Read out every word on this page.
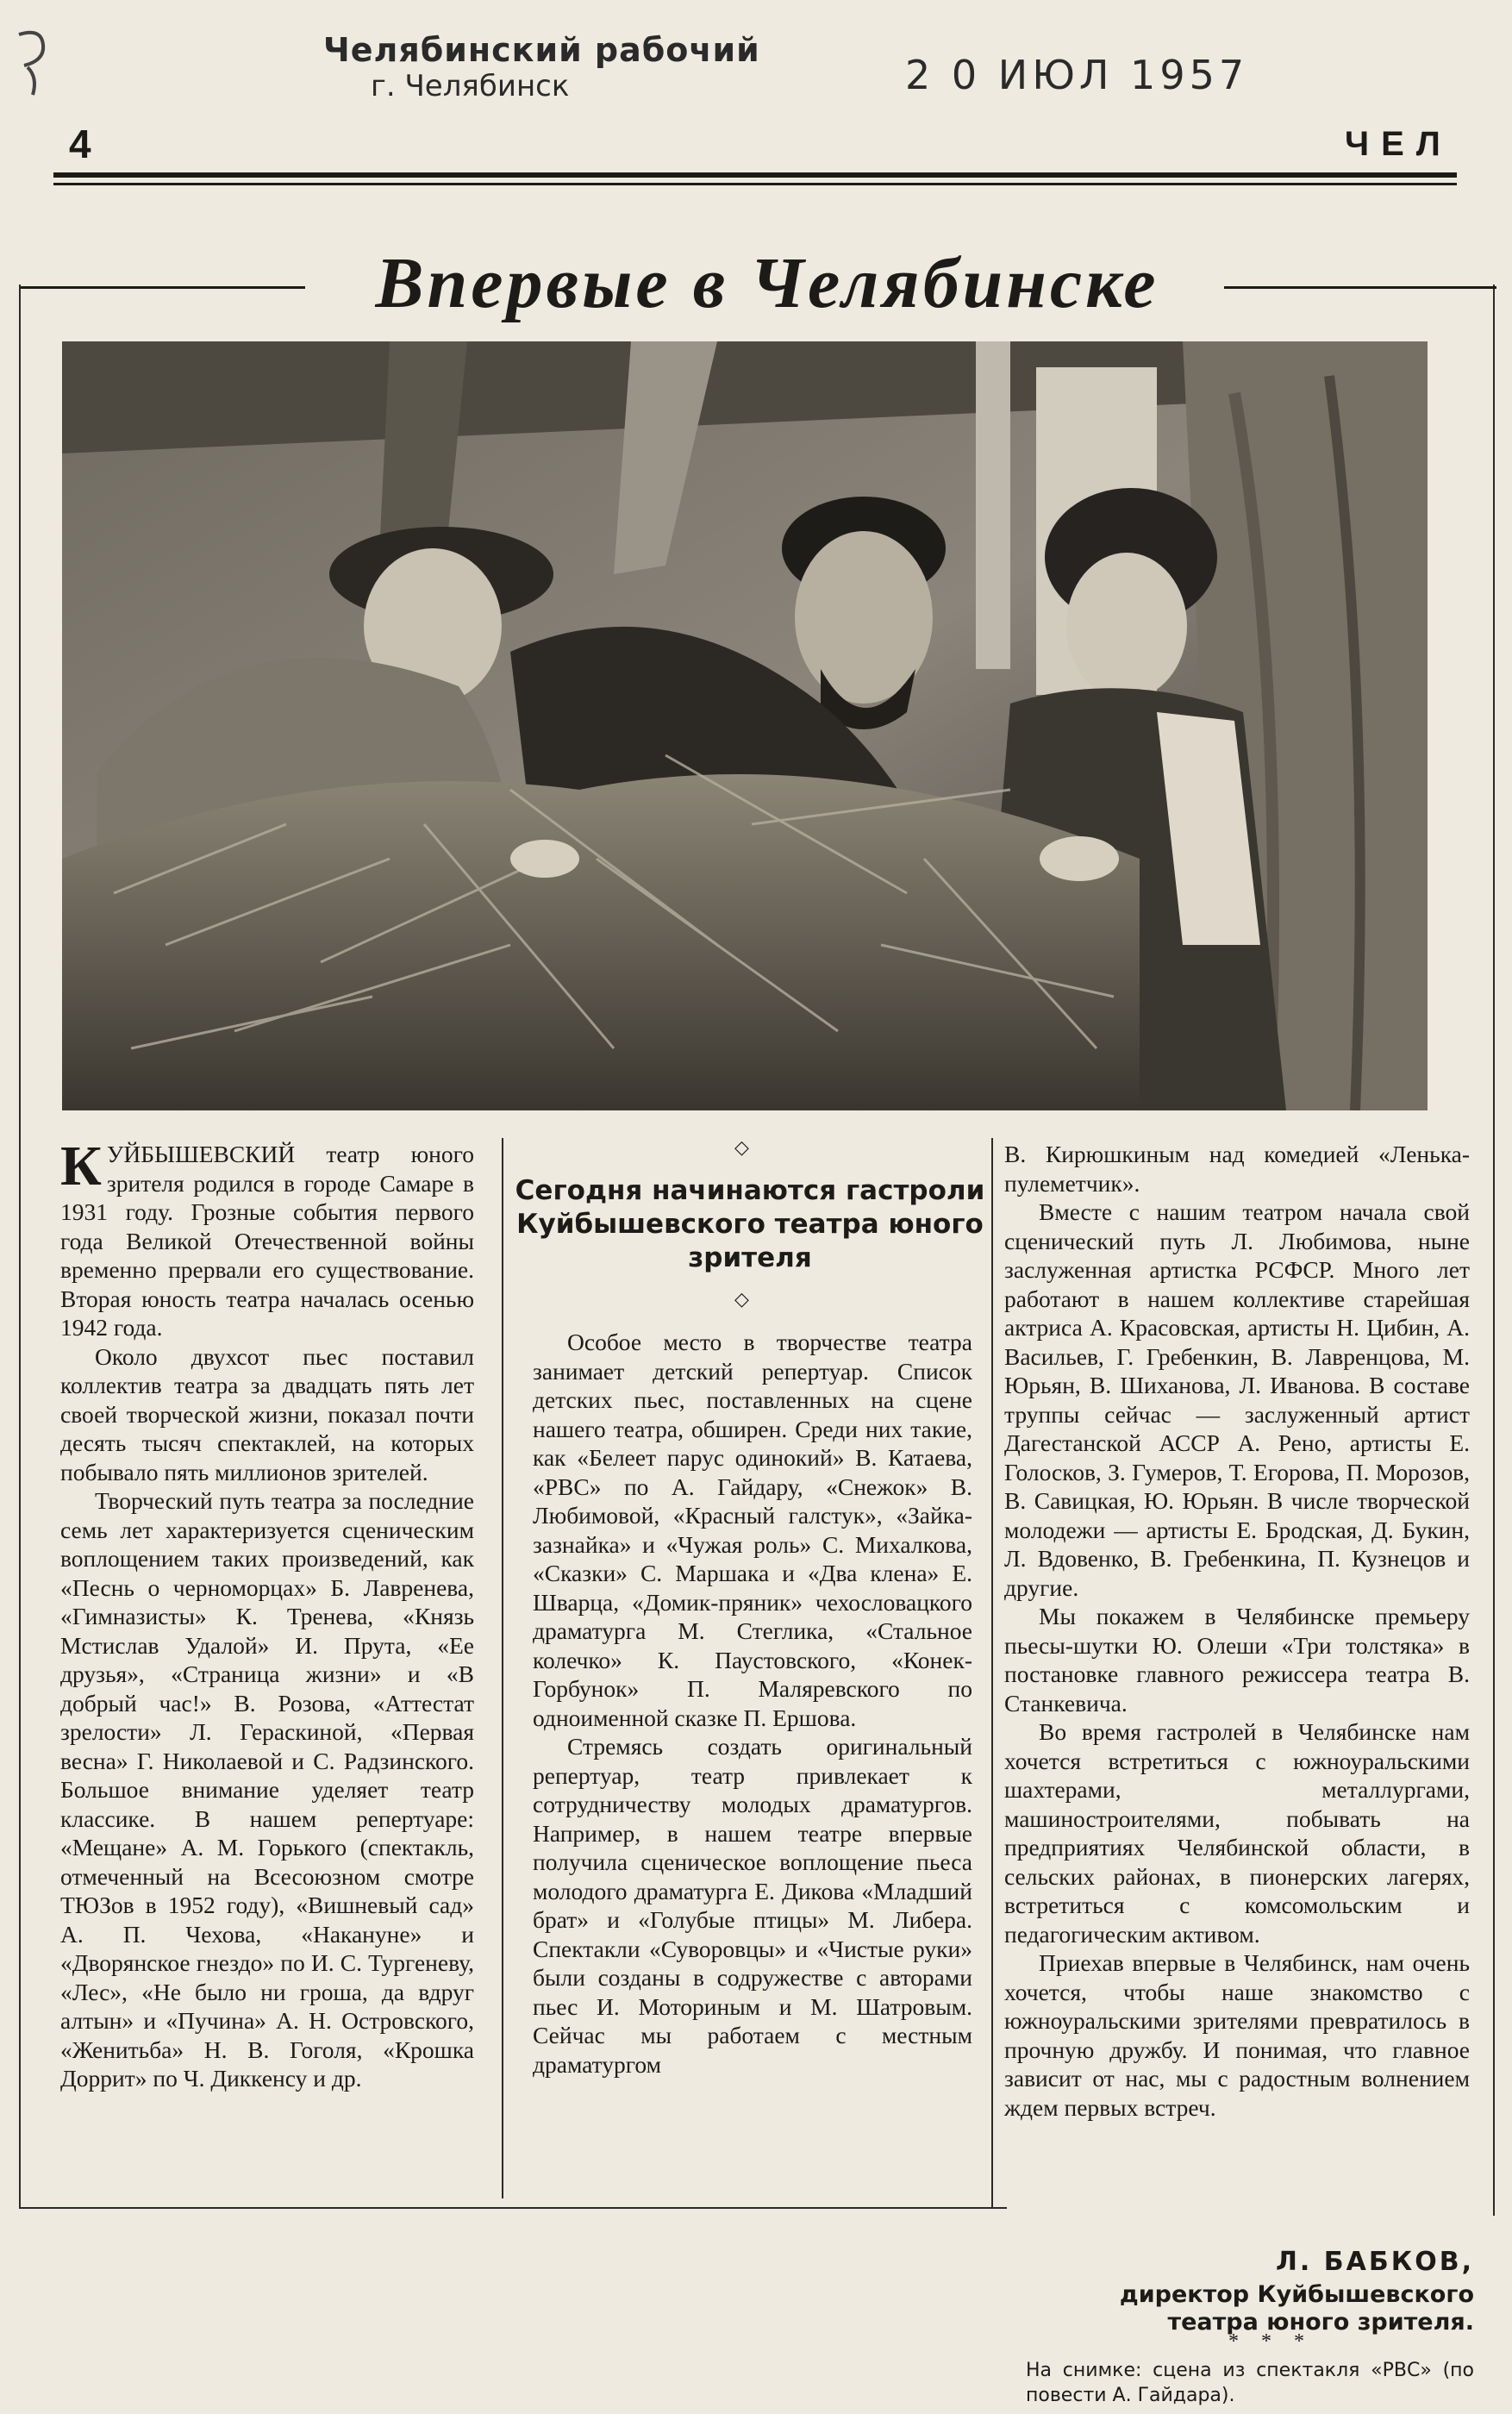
Челябинский рабочий
г. Челябинск	2 0 ИЮЛ 1957
4	ЧЕЛ
Впервые в Челябинске

КУЙБЫШЕВСКИЙ театр юного зрителя родился в городе Самаре в 1931 году. Грозные события первого года Великой Отечественной войны временно прервали его существование. Вторая юность театра началась осенью 1942 года.

Около двухсот пьес поставил коллектив театра за двадцать пять лет своей творческой жизни, показал почти десять тысяч спектаклей, на которых побывало пять миллионов зрителей.

Творческий путь театра за последние семь лет характеризуется сценическим воплощением таких произведений, как «Песнь о черноморцах» Б. Лавренева, «Гимназисты» К. Тренева, «Князь Мстислав Удалой» И. Прута, «Ее друзья», «Страница жизни» и «В добрый час!» В. Розова, «Аттестат зрелости» Л. Гераскиной, «Первая весна» Г. Николаевой и С. Радзинского. Большое внимание уделяет театр классике. В нашем репертуаре: «Мещане» А. М. Горького (спектакль, отмеченный на Всесоюзном смотре ТЮЗов в 1952 году), «Вишневый сад» А. П. Чехова, «Накануне» и «Дворянское гнездо» по И. С. Тургеневу, «Лес», «Не было ни гроша, да вдруг алтын» и «Пучина» А. Н. Островского, «Женитьба» Н. В. Гоголя, «Крошка Доррит» по Ч. Диккенсу и др.

◇
Сегодня начинаются гастроли Куйбышевского театра юного зрителя
◇

Особое место в творчестве театра занимает детский репертуар. Список детских пьес, поставленных на сцене нашего театра, обширен. Среди них такие, как «Белеет парус одинокий» В. Катаева, «РВС» по А. Гайдару, «Снежок» В. Любимовой, «Красный галстук», «Зайка-зазнайка» и «Чужая роль» С. Михалкова, «Сказки» С. Маршака и «Два клена» Е. Шварца, «Домик-пряник» чехословацкого драматурга М. Стеглика, «Стальное колечко» К. Паустовского, «Конек-Горбунок» П. Маляревского по одноименной сказке П. Ершова.

Стремясь создать оригинальный репертуар, театр привлекает к сотрудничеству молодых драматургов. Например, в нашем театре впервые получила сценическое воплощение пьеса молодого драматурга Е. Дикова «Младший брат» и «Голубые птицы» М. Либера. Спектакли «Суворовцы» и «Чистые руки» были созданы в содружестве с авторами пьес И. Моториным и М. Шатровым. Сейчас мы работаем с местным драматургом

В. Кирюшкиным над комедией «Ленька-пулеметчик».

Вместе с нашим театром начала свой сценический путь Л. Любимова, ныне заслуженная артистка РСФСР. Много лет работают в нашем коллективе старейшая актриса А. Красовская, артисты Н. Цибин, А. Васильев, Г. Гребенкин, В. Лавренцова, М. Юрьян, В. Шиханова, Л. Иванова. В составе труппы сейчас — заслуженный артист Дагестанской АССР А. Рено, артисты Е. Голосков, З. Гумеров, Т. Егорова, П. Морозов, В. Савицкая, Ю. Юрьян. В числе творческой молодежи — артисты Е. Бродская, Д. Букин, Л. Вдовенко, В. Гребенкина, П. Кузнецов и другие.

Мы покажем в Челябинске премьеру пьесы-шутки Ю. Олеши «Три толстяка» в постановке главного режиссера театра В. Станкевича.

Во время гастролей в Челябинске нам хочется встретиться с южноуральскими шахтерами, металлургами, машиностроителями, побывать на предприятиях Челябинской области, в сельских районах, в пионерских лагерях, встретиться с комсомольским и педагогическим активом.

Приехав впервые в Челябинск, нам очень хочется, чтобы наше знакомство с южноуральскими зрителями превратилось в прочную дружбу. И понимая, что главное зависит от нас, мы с радостным волнением ждем первых встреч.

Л. БАБКОВ,
директор Куйбышевского театра юного зрителя.
* * *
На снимке: сцена из спектакля «РВС» (по повести А. Гайдара).
